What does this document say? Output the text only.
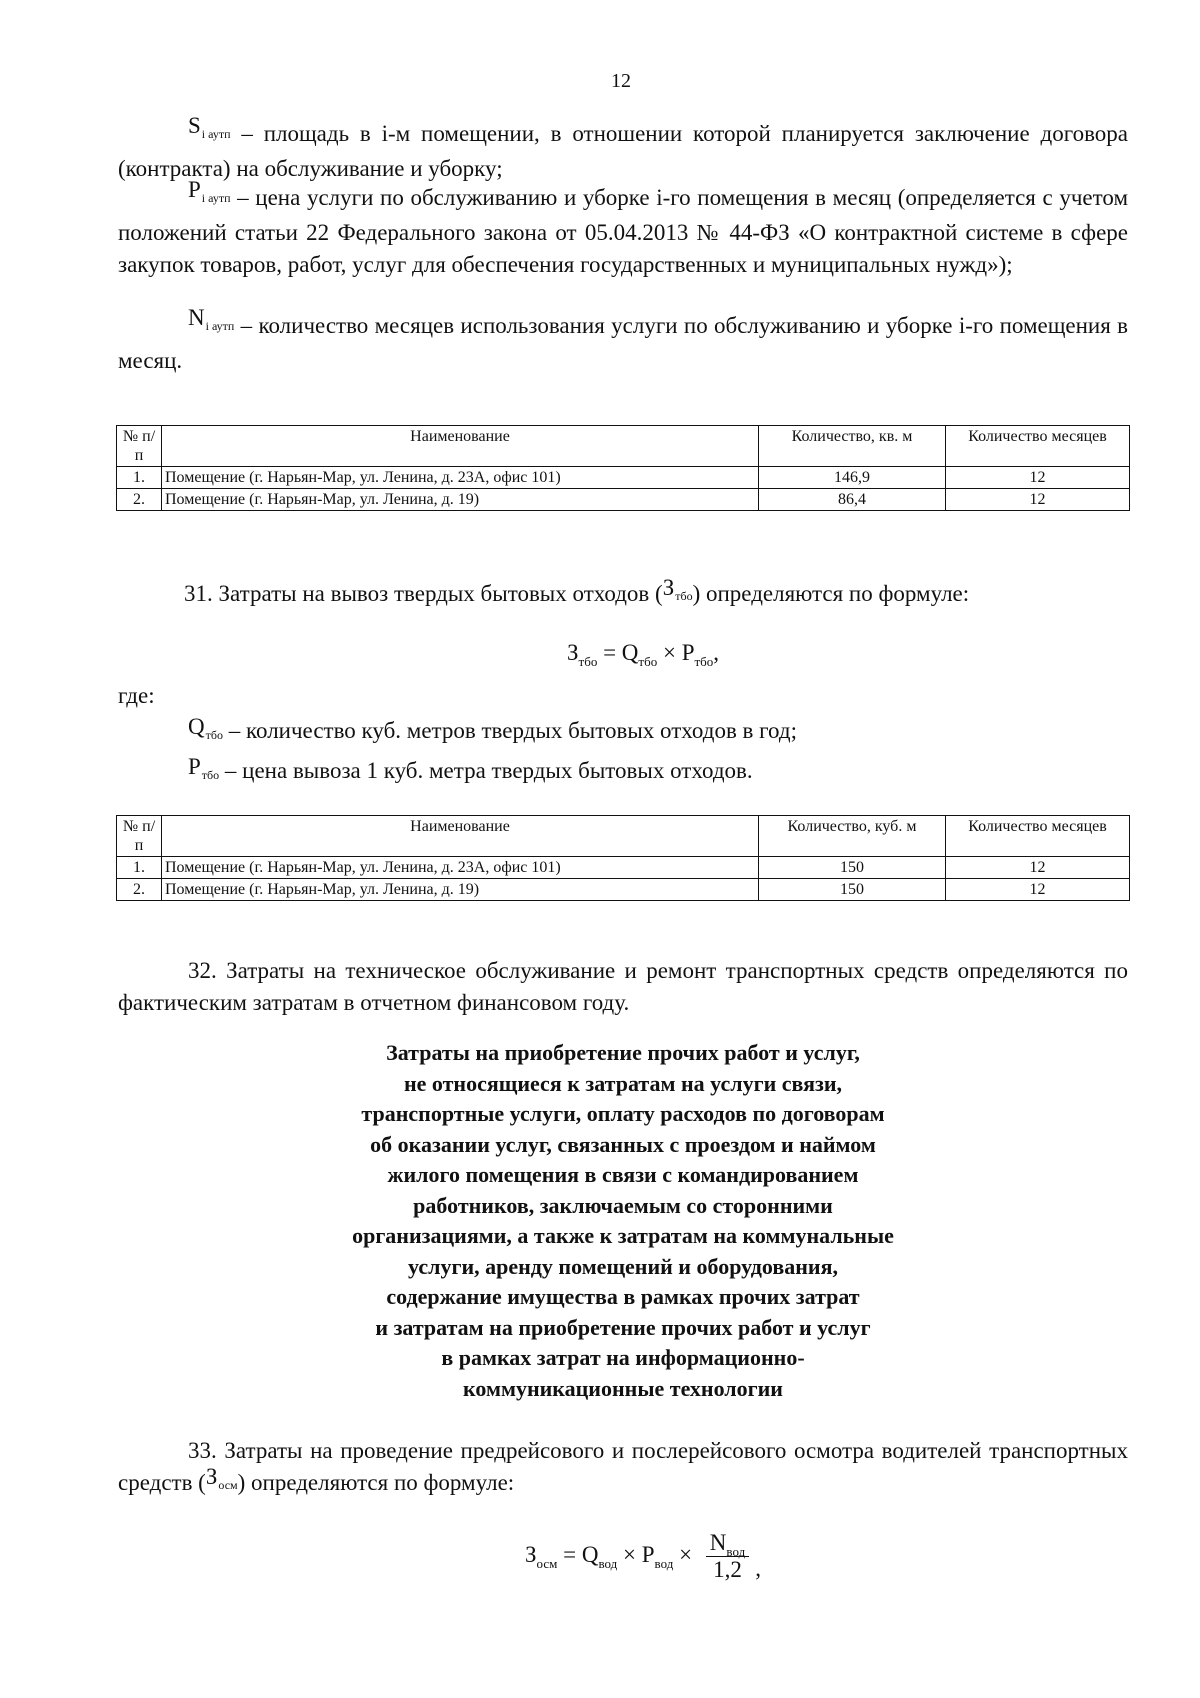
12
$S_{i аутп}$ – площадь в i-м помещении, в отношении которой планируется заключение договора (контракта) на обслуживание и уборку;
$P_{i аутп}$ – цена услуги по обслуживанию и уборке i-го помещения в месяц (определяется с учетом положений статьи 22 Федерального закона от 05.04.2013 № 44-ФЗ «О контрактной системе в сфере закупок товаров, работ, услуг для обеспечения государственных и муниципальных нужд»);
$N_{i аутп}$ – количество месяцев использования услуги по обслуживанию и уборке i-го помещения в месяц.
№ п/п	Наименование	Количество, кв. м	Количество месяцев
1.	Помещение (г. Нарьян-Мар, ул. Ленина, д. 23А, офис 101)	146,9	12
2.	Помещение (г. Нарьян-Мар, ул. Ленина, д. 19)	86,4	12
31. Затраты на вывоз твердых бытовых отходов $(З_{тбо})$ определяются по формуле:
$З_{тбо} = Q_{тбо} \times P_{тбо}$,
где:
$Q_{тбо}$ – количество куб. метров твердых бытовых отходов в год;
$P_{тбо}$ – цена вывоза 1 куб. метра твердых бытовых отходов.
№ п/п	Наименование	Количество, куб. м	Количество месяцев
1.	Помещение (г. Нарьян-Мар, ул. Ленина, д. 23А, офис 101)	150	12
2.	Помещение (г. Нарьян-Мар, ул. Ленина, д. 19)	150	12
32. Затраты на техническое обслуживание и ремонт транспортных средств определяются по фактическим затратам в отчетном финансовом году.
Затраты на приобретение прочих работ и услуг,
не относящиеся к затратам на услуги связи,
транспортные услуги, оплату расходов по договорам
об оказании услуг, связанных с проездом и наймом
жилого помещения в связи с командированием
работников, заключаемым со сторонними
организациями, а также к затратам на коммунальные
услуги, аренду помещений и оборудования,
содержание имущества в рамках прочих затрат
и затратам на приобретение прочих работ и услуг
в рамках затрат на информационно-
коммуникационные технологии
33. Затраты на проведение предрейсового и послерейсового осмотра водителей транспортных средств $(З_{осм})$ определяются по формуле:
$З_{осм} = Q_{вод} \times P_{вод} \times \frac{N_{вод}}{1,2}$ ,
